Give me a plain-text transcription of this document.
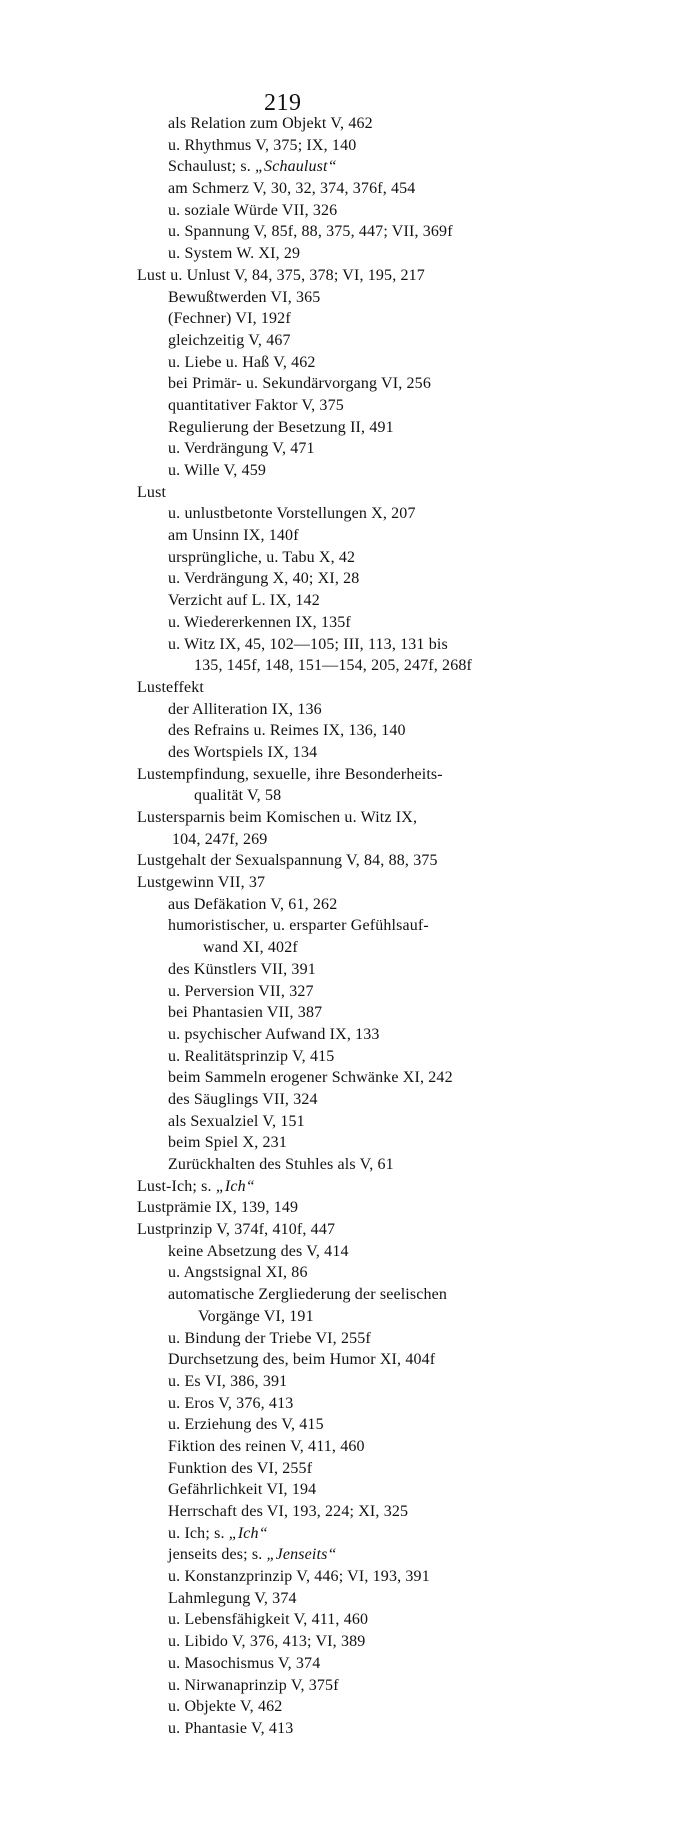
219
als Relation zum Objekt V, 462
u. Rhythmus V, 375; IX, 140
Schaulust; s. „Schaulust“
am Schmerz V, 30, 32, 374, 376f, 454
u. soziale Würde VII, 326
u. Spannung V, 85f, 88, 375, 447; VII, 369f
u. System W. XI, 29
Lust u. Unlust V, 84, 375, 378; VI, 195, 217
Bewußtwerden VI, 365
(Fechner) VI, 192f
gleichzeitig V, 467
u. Liebe u. Haß V, 462
bei Primär- u. Sekundärvorgang VI, 256
quantitativer Faktor V, 375
Regulierung der Besetzung II, 491
u. Verdrängung V, 471
u. Wille V, 459
Lust
u. unlustbetonte Vorstellungen X, 207
am Unsinn IX, 140f
ursprüngliche, u. Tabu X, 42
u. Verdrängung X, 40; XI, 28
Verzicht auf L. IX, 142
u. Wiedererkennen IX, 135f
u. Witz IX, 45, 102—105; III, 113, 131 bis
135, 145f, 148, 151—154, 205, 247f, 268f
Lusteffekt
der Alliteration IX, 136
des Refrains u. Reimes IX, 136, 140
des Wortspiels IX, 134
Lustempfindung, sexuelle, ihre Besonderheits-
qualität V, 58
Lustersparnis beim Komischen u. Witz IX,
104, 247f, 269
Lustgehalt der Sexualspannung V, 84, 88, 375
Lustgewinn VII, 37
aus Defäkation V, 61, 262
humoristischer, u. ersparter Gefühlsauf-
wand XI, 402f
des Künstlers VII, 391
u. Perversion VII, 327
bei Phantasien VII, 387
u. psychischer Aufwand IX, 133
u. Realitätsprinzip V, 415
beim Sammeln erogener Schwänke XI, 242
des Säuglings VII, 324
als Sexualziel V, 151
beim Spiel X, 231
Zurückhalten des Stuhles als V, 61
Lust-Ich; s. „Ich“
Lustprämie IX, 139, 149
Lustprinzip V, 374f, 410f, 447
keine Absetzung des V, 414
u. Angstsignal XI, 86
automatische Zergliederung der seelischen
Vorgänge VI, 191
u. Bindung der Triebe VI, 255f
Durchsetzung des, beim Humor XI, 404f
u. Es VI, 386, 391
u. Eros V, 376, 413
u. Erziehung des V, 415
Fiktion des reinen V, 411, 460
Funktion des VI, 255f
Gefährlichkeit VI, 194
Herrschaft des VI, 193, 224; XI, 325
u. Ich; s. „Ich“
jenseits des; s. „Jenseits“
u. Konstanzprinzip V, 446; VI, 193, 391
Lahmlegung V, 374
u. Lebensfähigkeit V, 411, 460
u. Libido V, 376, 413; VI, 389
u. Masochismus V, 374
u. Nirwanaprinzip V, 375f
u. Objekte V, 462
u. Phantasie V, 413
